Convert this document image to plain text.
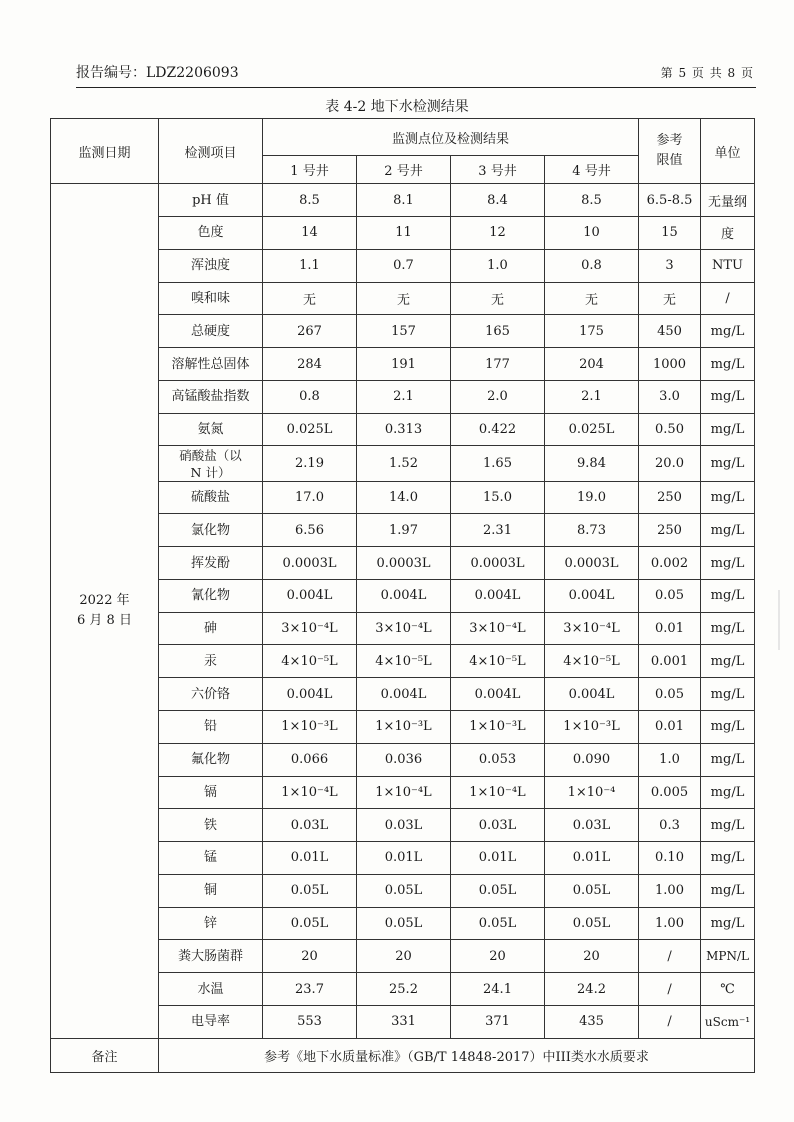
报告编号：LDZ2206093	第 5 页 共 8 页
表 4-2 地下水检测结果
监测日期	检测项目	监测点位及检测结果				参考限值	单位
		1 号井	2 号井	3 号井	4 号井		

2022 年 6 月 8 日	pH 值	8.5	8.1	8.4	8.5	6.5-8.5	无量纲
	色度	14	11	12	10	15	度
	浑浊度	1.1	0.7	1.0	0.8	3	NTU
	嗅和味	无	无	无	无	无	/
	总硬度	267	157	165	175	450	mg/L
	溶解性总固体	284	191	177	204	1000	mg/L
	高锰酸盐指数	0.8	2.1	2.0	2.1	3.0	mg/L
	氨氮	0.025L	0.313	0.422	0.025L	0.50	mg/L
	硝酸盐（以 N 计）	2.19	1.52	1.65	9.84	20.0	mg/L
	硫酸盐	17.0	14.0	15.0	19.0	250	mg/L
	氯化物	6.56	1.97	2.31	8.73	250	mg/L
	挥发酚	0.0003L	0.0003L	0.0003L	0.0003L	0.002	mg/L
	氰化物	0.004L	0.004L	0.004L	0.004L	0.05	mg/L
	砷	3×10⁻⁴L	3×10⁻⁴L	3×10⁻⁴L	3×10⁻⁴L	0.01	mg/L
	汞	4×10⁻⁵L	4×10⁻⁵L	4×10⁻⁵L	4×10⁻⁵L	0.001	mg/L
	六价铬	0.004L	0.004L	0.004L	0.004L	0.05	mg/L
	铅	1×10⁻³L	1×10⁻³L	1×10⁻³L	1×10⁻³L	0.01	mg/L
	氟化物	0.066	0.036	0.053	0.090	1.0	mg/L
	镉	1×10⁻⁴L	1×10⁻⁴L	1×10⁻⁴L	1×10⁻⁴	0.005	mg/L
	铁	0.03L	0.03L	0.03L	0.03L	0.3	mg/L
	锰	0.01L	0.01L	0.01L	0.01L	0.10	mg/L
	铜	0.05L	0.05L	0.05L	0.05L	1.00	mg/L
	锌	0.05L	0.05L	0.05L	0.05L	1.00	mg/L
	粪大肠菌群	20	20	20	20	/	MPN/L
	水温	23.7	25.2	24.1	24.2	/	℃
	电导率	553	331	371	435	/	uScm⁻¹
备注	参考《地下水质量标准》（GB/T 14848-2017）中III类水水质要求						
